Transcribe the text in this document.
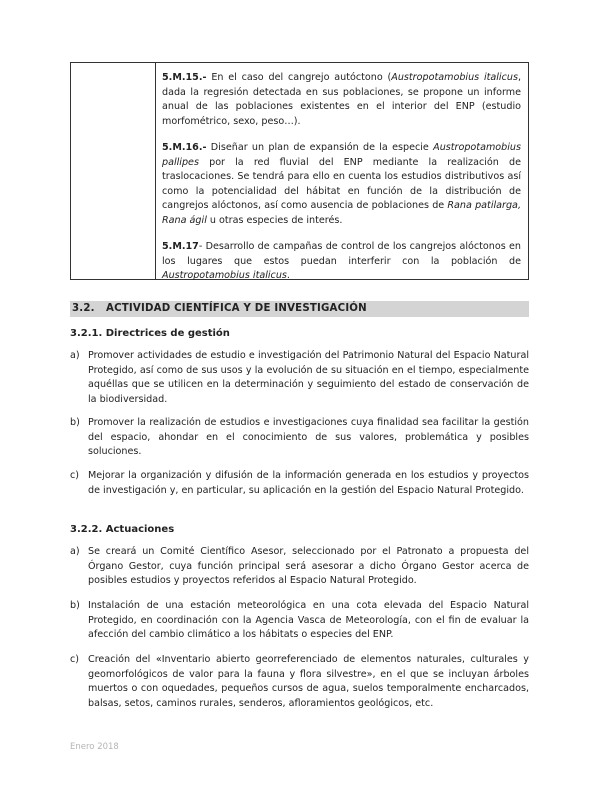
5.M.15.- En el caso del cangrejo autóctono (Austropotamobius italicus, dada la regresión detectada en sus poblaciones, se propone un informe anual de las poblaciones existentes en el interior del ENP (estudio morfométrico, sexo, peso…).

5.M.16.- Diseñar un plan de expansión de la especie Austropotamobius pallipes por la red fluvial del ENP mediante la realización de traslocaciones. Se tendrá para ello en cuenta los estudios distributivos así como la potencialidad del hábitat en función de la distribución de cangrejos alóctonos, así como ausencia de poblaciones de Rana patilarga, Rana ágil u otras especies de interés.

5.M.17- Desarrollo de campañas de control de los cangrejos alóctonos en los lugares que estos puedan interferir con la población de Austropotamobius italicus.

3.2. ACTIVIDAD CIENTÍFICA Y DE INVESTIGACIÓN
3.2.1. Directrices de gestión
a) Promover actividades de estudio e investigación del Patrimonio Natural del Espacio Natural Protegido, así como de sus usos y la evolución de su situación en el tiempo, especialmente aquéllas que se utilicen en la determinación y seguimiento del estado de conservación de la biodiversidad.
b) Promover la realización de estudios e investigaciones cuya finalidad sea facilitar la gestión del espacio, ahondar en el conocimiento de sus valores, problemática y posibles soluciones.
c) Mejorar la organización y difusión de la información generada en los estudios y proyectos de investigación y, en particular, su aplicación en la gestión del Espacio Natural Protegido.
3.2.2. Actuaciones
a) Se creará un Comité Científico Asesor, seleccionado por el Patronato a propuesta del Órgano Gestor, cuya función principal será asesorar a dicho Órgano Gestor acerca de posibles estudios y proyectos referidos al Espacio Natural Protegido.
b) Instalación de una estación meteorológica en una cota elevada del Espacio Natural Protegido, en coordinación con la Agencia Vasca de Meteorología, con el fin de evaluar la afección del cambio climático a los hábitats o especies del ENP.
c) Creación del «Inventario abierto georreferenciado de elementos naturales, culturales y geomorfológicos de valor para la fauna y flora silvestre», en el que se incluyan árboles muertos o con oquedades, pequeños cursos de agua, suelos temporalmente encharcados, balsas, setos, caminos rurales, senderos, afloramientos geológicos, etc.
Enero 2018
